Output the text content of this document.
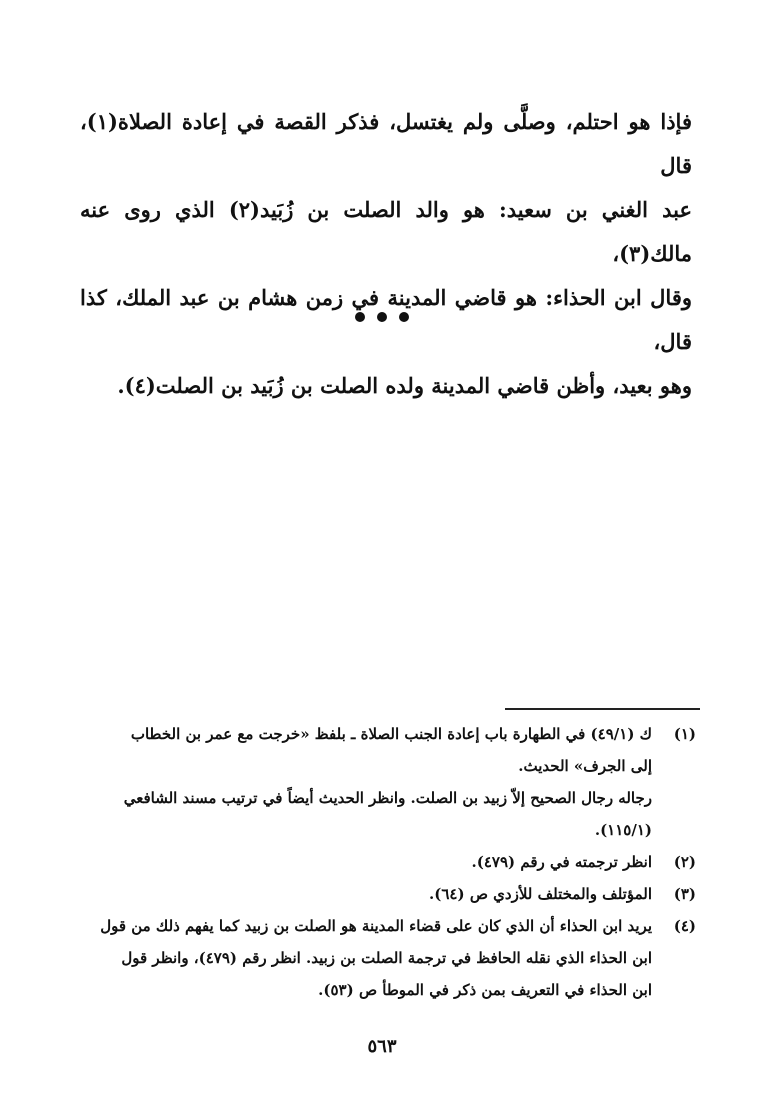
فإذا هو احتلم، وصلَّى ولم يغتسل، فذكر القصة في إعادة الصلاة(١)، قال

عبد الغني بن سعيد: هو والد الصلت بن زُبَيد(٢) الذي روى عنه مالك(٣)،

وقال ابن الحذاء: هو قاضي المدينة في زمن هشام بن عبد الملك، كذا قال،

وهو بعيد، وأظن قاضي المدينة ولده الصلت بن زُبَيد بن الصلت(٤).

(١)

ك (٤٩/١) في الطهارة باب إعادة الجنب الصلاة ـ بلفظ «خرجت مع عمر بن الخطاب

إلى الجرف» الحديث.

رجاله رجال الصحيح إلاّ زبيد بن الصلت. وانظر الحديث أيضاً في ترتيب مسند الشافعي

(١١٥/١).

(٢)

انظر ترجمته في رقم (٤٧٩).

(٣)

المؤتلف والمختلف للأزدي ص (٦٤).

(٤)

يريد ابن الحذاء أن الذي كان على قضاء المدينة هو الصلت بن زبيد كما يفهم ذلك من قول

ابن الحذاء الذي نقله الحافظ في ترجمة الصلت بن زبيد. انظر رقم (٤٧٩)، وانظر قول

ابن الحذاء في التعريف بمن ذكر في الموطأ ص (٥٣).

٥٦٣
